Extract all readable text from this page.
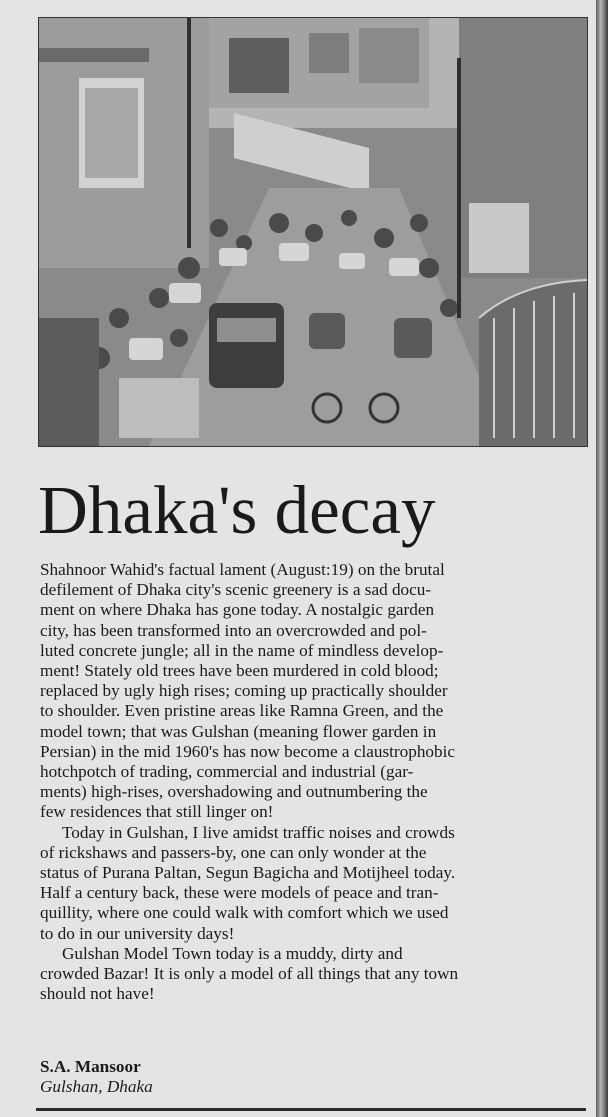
Dhaka's decay

Shahnoor Wahid's factual lament (August:19) on the brutal
defilement of Dhaka city's scenic greenery is a sad docu-
ment on where Dhaka has gone today. A nostalgic garden
city, has been transformed into an overcrowded and pol-
luted concrete jungle; all in the name of mindless develop-
ment! Stately old trees have been murdered in cold blood;
replaced by ugly high rises; coming up practically shoulder
to shoulder. Even pristine areas like Ramna Green, and the
model town; that was Gulshan (meaning flower garden in
Persian) in the mid 1960's has now become a claustrophobic
hotchpotch of trading, commercial and industrial (gar-
ments) high-rises, overshadowing and outnumbering the
few residences that still linger on!

Today in Gulshan, I live amidst traffic noises and crowds
of rickshaws and passers-by, one can only wonder at the
status of Purana Paltan, Segun Bagicha and Motijheel today.
Half a century back, these were models of peace and tran-
quillity, where one could walk with comfort which we used
to do in our university days!

Gulshan Model Town today is a muddy, dirty and
crowded Bazar! It is only a model of all things that any town
should not have!

S.A. Mansoor
Gulshan, Dhaka
